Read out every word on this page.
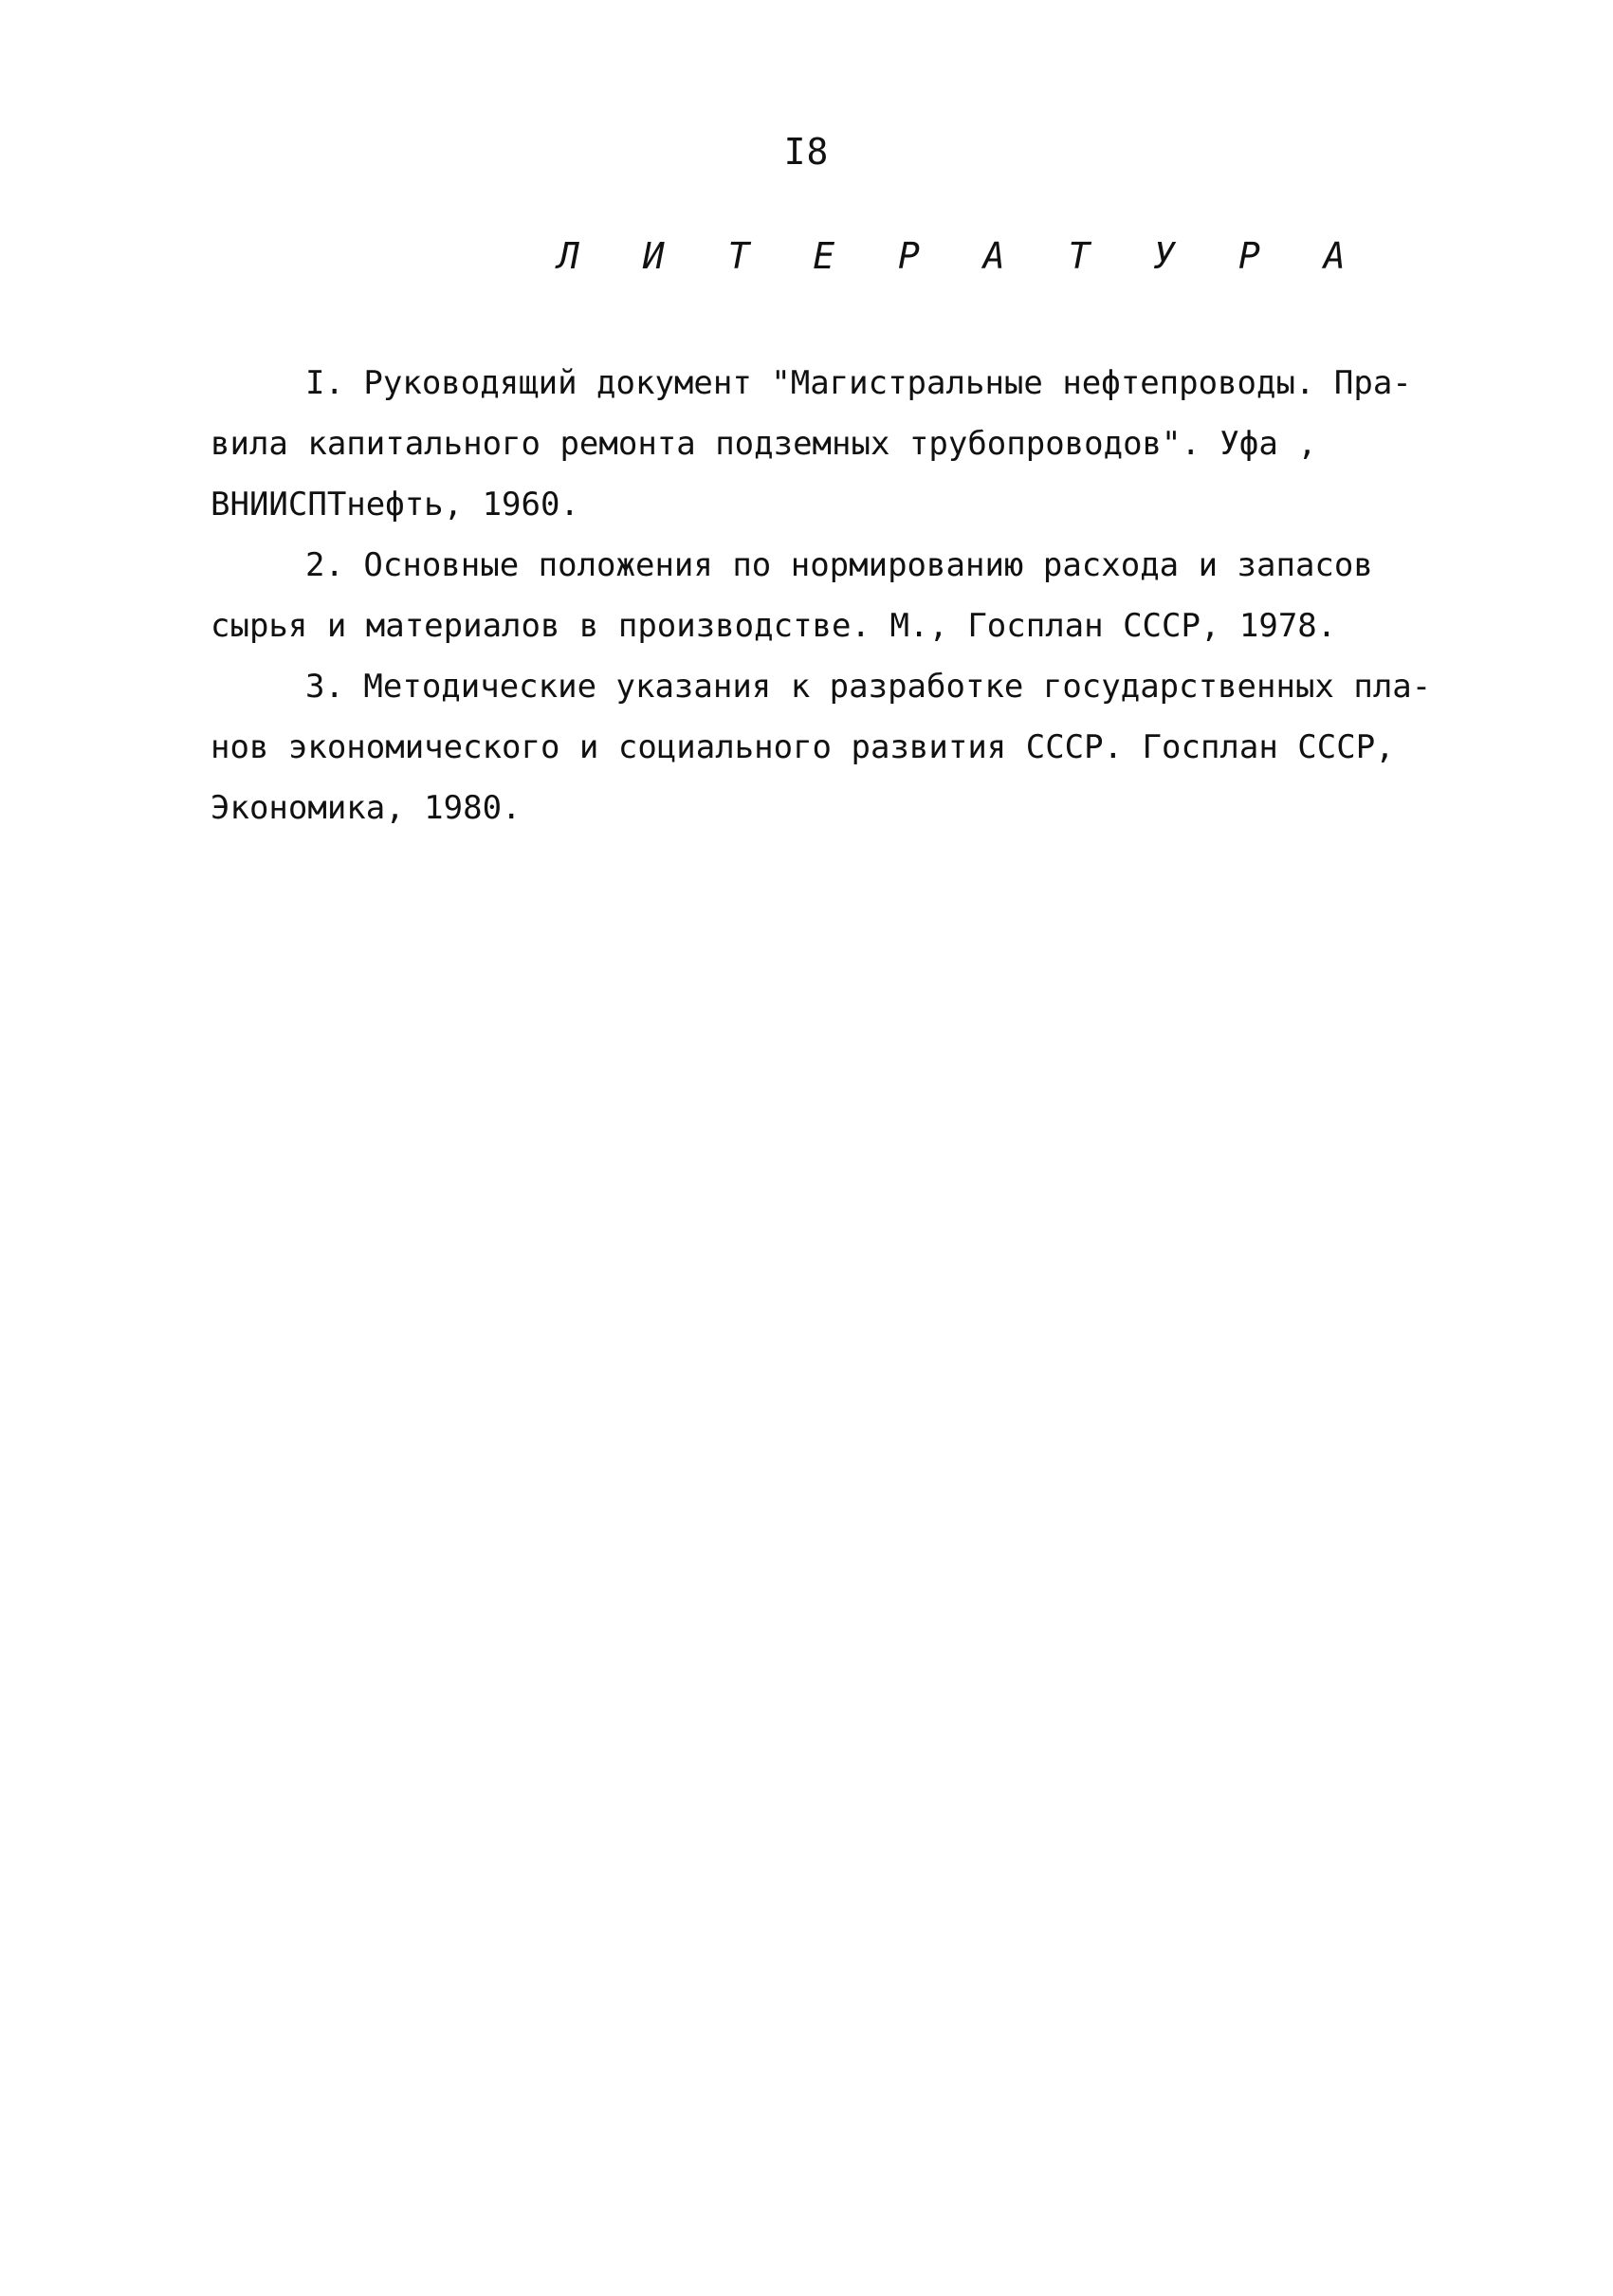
I8
Л И Т Е Р А Т У Р А
I. Руководящий документ "Магистральные нефтепроводы. Пра-
вила капитального ремонта подземных трубопроводов". Уфа ,
ВНИИСПТнефть, 1960.
2. Основные положения по нормированию расхода и запасов
сырья и материалов в производстве. М., Госплан СССР, 1978.
3. Методические указания к разработке государственных пла-
нов экономического и социального развития СССР. Госплан СССР,
Экономика, 1980.
